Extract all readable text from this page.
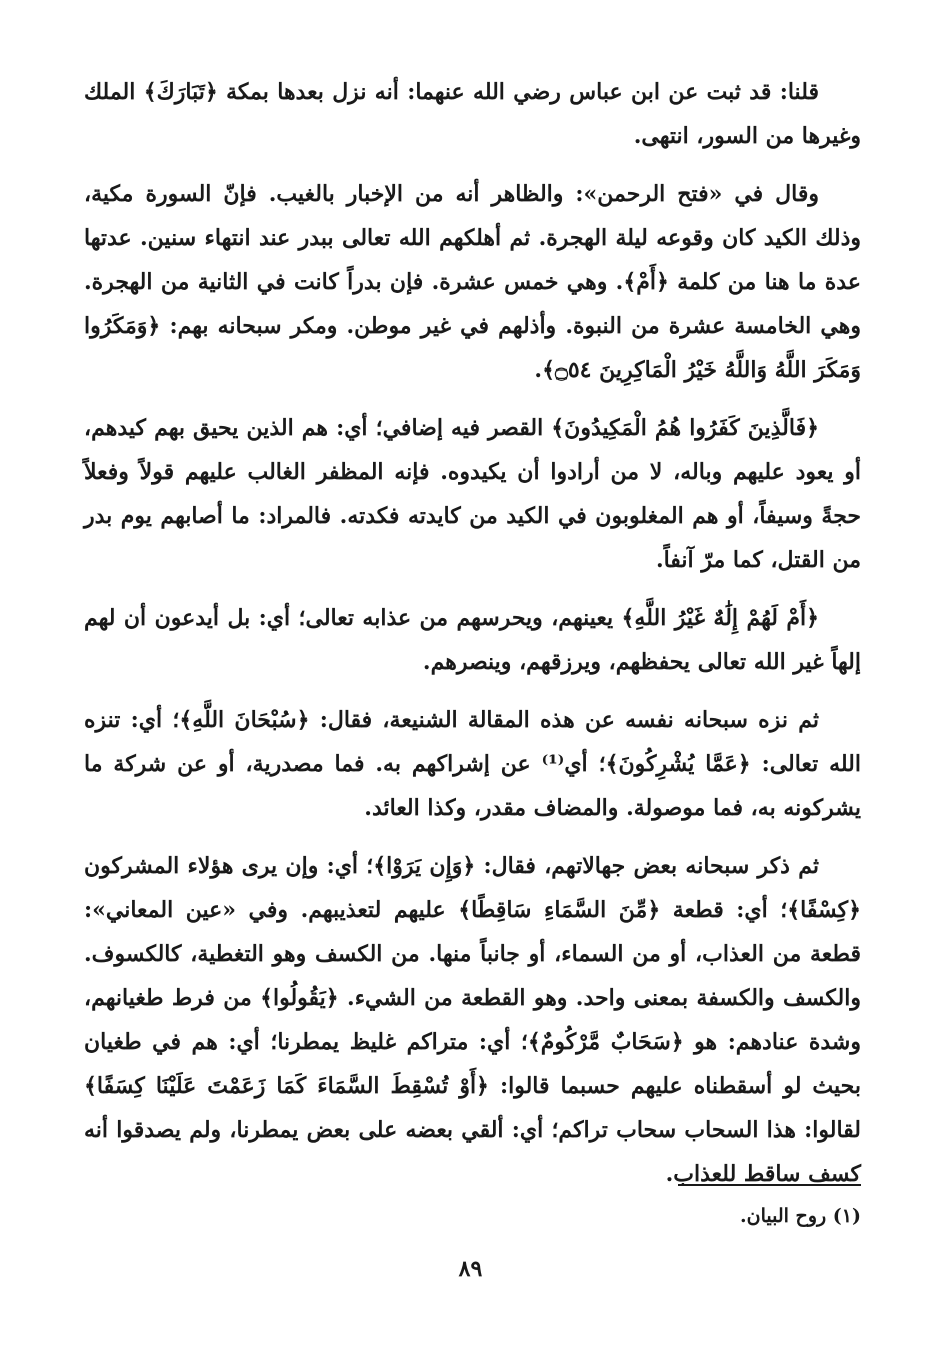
قلنا: قد ثبت عن ابن عباس رضي الله عنهما: أنه نزل بعدها بمكة ﴿تَبَارَكَ﴾ الملك وغيرها من السور، انتهى.

وقال في «فتح الرحمن»: والظاهر أنه من الإخبار بالغيب. فإنّ السورة مكية، وذلك الكيد كان وقوعه ليلة الهجرة. ثم أهلكهم الله تعالى ببدر عند انتهاء سنين. عدتها عدة ما هنا من كلمة ﴿أَمْ﴾. وهي خمس عشرة. فإن بدراً كانت في الثانية من الهجرة. وهي الخامسة عشرة من النبوة. وأذلهم في غير موطن. ومكر سبحانه بهم: ﴿وَمَكَرُوا وَمَكَرَ اللَّهُ وَاللَّهُ خَيْرُ الْمَاكِرِينَ ۝٥٤﴾.

﴿فَالَّذِينَ كَفَرُوا هُمُ الْمَكِيدُونَ﴾ القصر فيه إضافي؛ أي: هم الذين يحيق بهم كيدهم، أو يعود عليهم وباله، لا من أرادوا أن يكيدوه. فإنه المظفر الغالب عليهم قولاً وفعلاً حجةً وسيفاً، أو هم المغلوبون في الكيد من كايدته فكدته. فالمراد: ما أصابهم يوم بدر من القتل، كما مرّ آنفاً.

﴿أَمْ لَهُمْ إِلَٰهٌ غَيْرُ اللَّهِ﴾ يعينهم، ويحرسهم من عذابه تعالى؛ أي: بل أيدعون أن لهم إلهاً غير الله تعالى يحفظهم، ويرزقهم، وينصرهم.

ثم نزه سبحانه نفسه عن هذه المقالة الشنيعة، فقال: ﴿سُبْحَانَ اللَّهِ﴾؛ أي: تنزه الله تعالى: ﴿عَمَّا يُشْرِكُونَ﴾؛ أي⁽¹⁾ عن إشراكهم به. فما مصدرية، أو عن شركة ما يشركونه به، فما موصولة. والمضاف مقدر، وكذا العائد.

ثم ذكر سبحانه بعض جهالاتهم، فقال: ﴿وَإِن يَرَوْا﴾؛ أي: وإن يرى هؤلاء المشركون ﴿كِسْفًا﴾؛ أي: قطعة ﴿مِّنَ السَّمَاءِ سَاقِطًا﴾ عليهم لتعذيبهم. وفي «عين المعاني»: قطعة من العذاب، أو من السماء، أو جانباً منها. من الكسف وهو التغطية، كالكسوف. والكسف والكسفة بمعنى واحد. وهو القطعة من الشيء. ﴿يَقُولُوا﴾ من فرط طغيانهم، وشدة عنادهم: هو ﴿سَحَابٌ مَّرْكُومٌ﴾؛ أي: متراكم غليظ يمطرنا؛ أي: هم في طغيان بحيث لو أسقطناه عليهم حسبما قالوا: ﴿أَوْ تُسْقِطَ السَّمَاءَ كَمَا زَعَمْتَ عَلَيْنَا كِسَفًا﴾ لقالوا: هذا السحاب سحاب تراكم؛ أي: ألقي بعضه على بعض يمطرنا، ولم يصدقوا أنه كسف ساقط للعذاب.

(١) روح البيان.
٨٩
